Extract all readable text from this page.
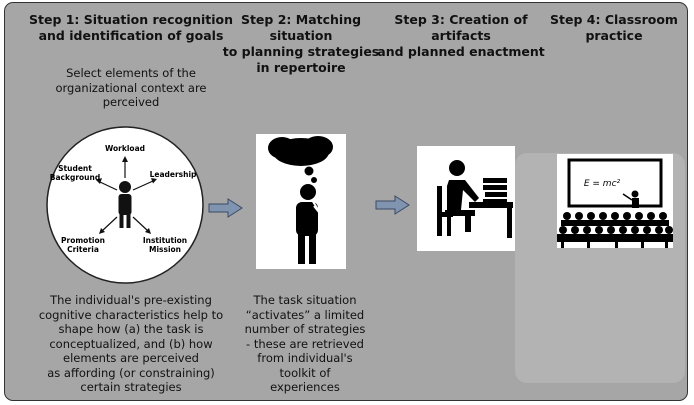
Step 1: Situation recognition
and identification of goals
Step 2: Matching situation
to planning strategies
in repertoire
Step 3: Creation of artifacts
and planned enactment
Step 4: Classroom
practice
Select elements of the
organizational context are
perceived
Workload
Student
Background	Leadership
Promotion
Criteria
Institution
Mission
The individual's pre-existing
cognitive characteristics help to
shape how (a) the task is
conceptualized, and (b) how
elements are perceived
as affording (or constraining)
certain strategies
The task situation
“activates” a limited
number of strategies
- these are retrieved
from individual's
toolkit of
experiences
E = mc²
